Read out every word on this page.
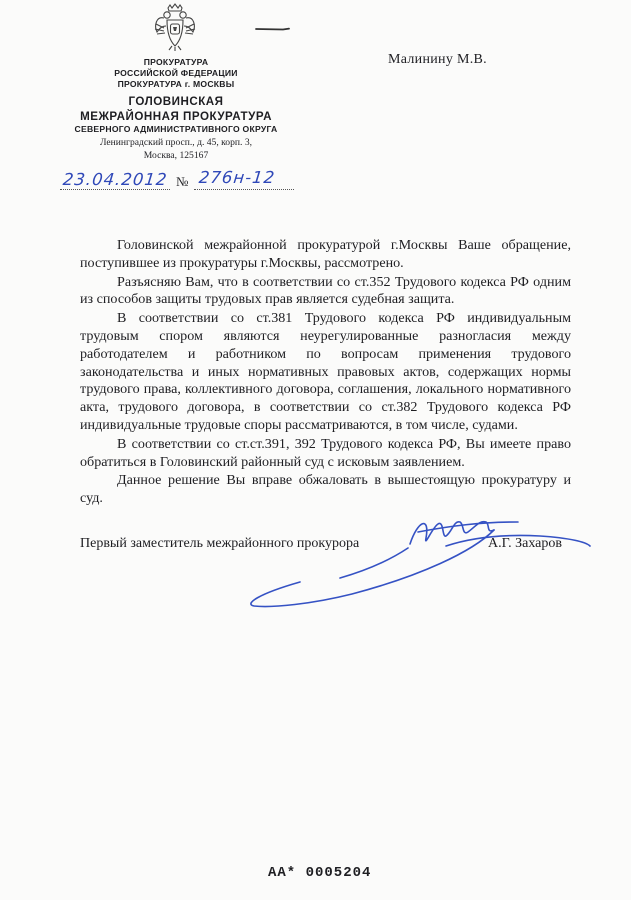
ПРОКУРАТУРА

РОССИЙСКОЙ ФЕДЕРАЦИИ

ПРОКУРАТУРА г. МОСКВЫ

ГОЛОВИНСКАЯ

МЕЖРАЙОННАЯ ПРОКУРАТУРА

СЕВЕРНОГО АДМИНИСТРАТИВНОГО ОКРУГА

Ленинградский просп., д. 45, корп. 3,

Москва, 125167

Малинину М.В.
23.04.2012 № 276н-12

Головинской межрайонной прокуратурой г.Москвы Ваше обращение, поступившее из прокуратуры г.Москвы, рассмотрено.

Разъясняю Вам, что в соответствии со ст.352 Трудового кодекса РФ одним из способов защиты трудовых прав является судебная защита.

В соответствии со ст.381 Трудового кодекса РФ индивидуальным трудовым спором являются неурегулированные разногласия между работодателем и работником по вопросам применения трудового законодательства и иных нормативных правовых актов, содержащих нормы трудового права, коллективного договора, соглашения, локального нормативного акта, трудового договора, в соответствии со ст.382 Трудового кодекса РФ индивидуальные трудовые споры рассматриваются, в том числе, судами.

В соответствии со ст.ст.391, 392 Трудового кодекса РФ, Вы имеете право обратиться в Головинский районный суд с исковым заявлением.

Данное решение Вы вправе обжаловать в вышестоящую прокуратуру и суд.

Первый заместитель межрайонного прокурора	А.Г. Захаров
АА* 0005204
